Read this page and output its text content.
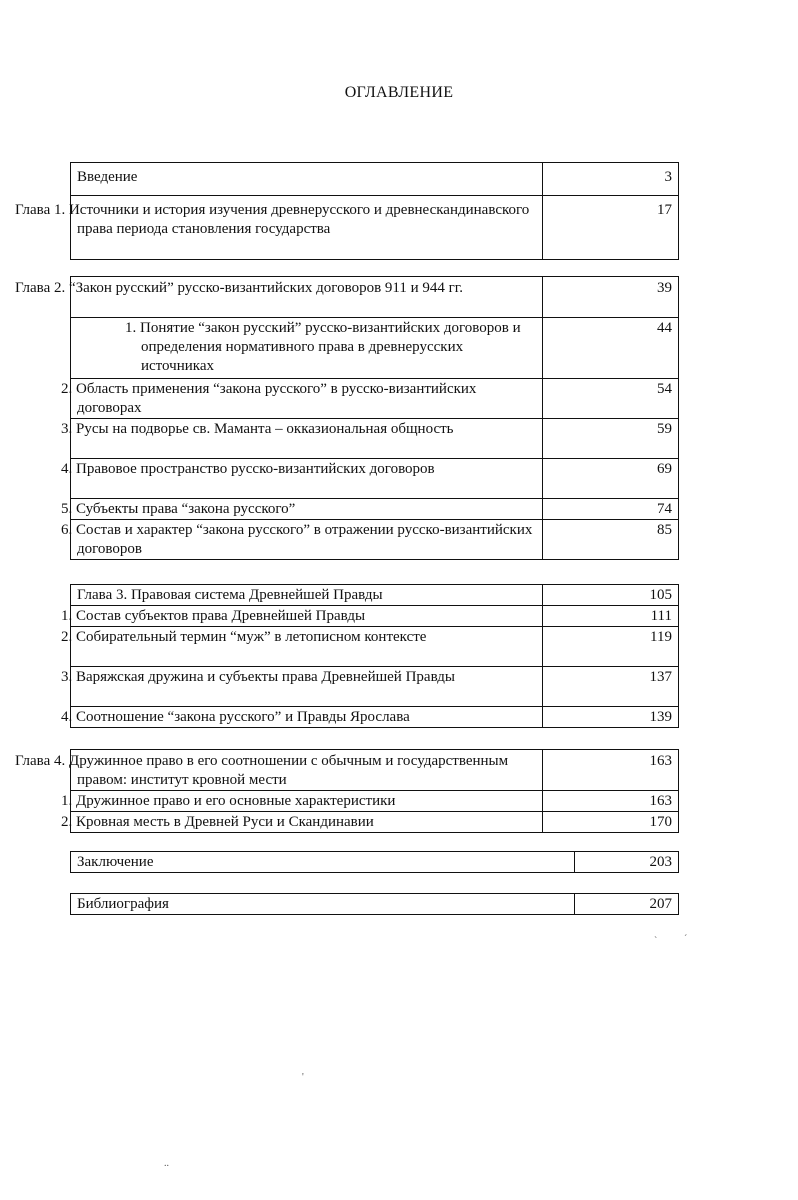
ОГЛАВЛЕНИЕ
Введение	3
Глава 1. Источники и история изучения древнерусского и древнескандинавского права периода становления государства	17
Глава 2. “Закон русский” русско-византийских договоров 911 и 944 гг.	39
1. Понятие “закон русский” русско-византийских договоров и определения нормативного права в древнерусских источниках	44
2. Область применения “закона русского” в русско-византийских договорах	54
3. Русы на подворье св. Маманта – окказиональная общность	59
4. Правовое пространство русско-византийских договоров	69
5. Субъекты права “закона русского”	74
6. Состав и характер “закона русского” в отражении русско-византийских договоров	85
Глава 3. Правовая система Древнейшей Правды	105
1. Состав субъектов права Древнейшей Правды	111
2. Собирательный термин “муж” в летописном контексте	119
3. Варяжская дружина и субъекты права Древнейшей Правды	137
4. Соотношение “закона русского” и Правды Ярослава	139
Глава 4. Дружинное право в его соотношении с обычным и государственным правом: институт кровной мести	163
1. Дружинное право и его основные характеристики	163
2. Кровная месть в Древней Руси и Скандинавии	170
Заключение	203
Библиография	207
`	´
'
..
